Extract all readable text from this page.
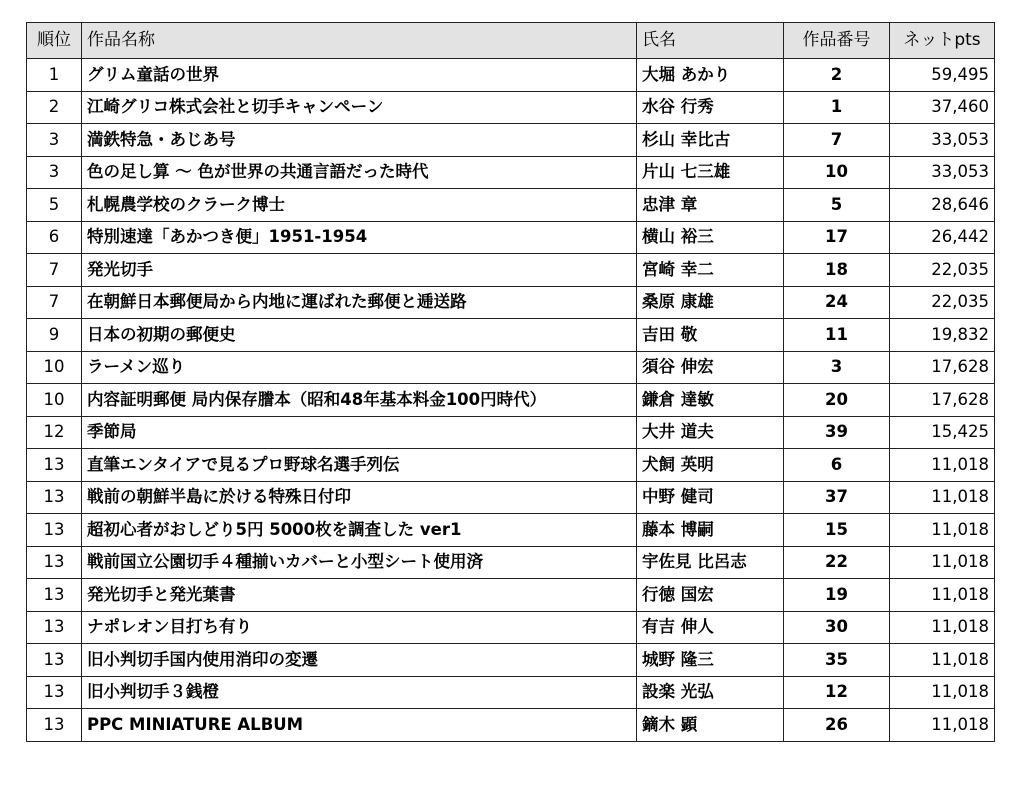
順位	作品名称	氏名	作品番号	ネットpts
1	グリム童話の世界	大堀 あかり	2	59,495
2	江崎グリコ株式会社と切手キャンペーン	水谷 行秀	1	37,460
3	満鉄特急・あじあ号	杉山 幸比古	7	33,053
3	色の足し算 〜 色が世界の共通言語だった時代	片山 七三雄	10	33,053
5	札幌農学校のクラーク博士	忠津 章	5	28,646
6	特別速達「あかつき便」1951-1954	横山 裕三	17	26,442
7	発光切手	宮崎 幸二	18	22,035
7	在朝鮮日本郵便局から内地に運ばれた郵便と逓送路	桑原 康雄	24	22,035
9	日本の初期の郵便史	吉田 敬	11	19,832
10	ラーメン巡り	須谷 伸宏	3	17,628
10	内容証明郵便 局内保存謄本（昭和48年基本料金100円時代）	鎌倉 達敏	20	17,628
12	季節局	大井 道夫	39	15,425
13	直筆エンタイアで見るプロ野球名選手列伝	犬飼 英明	6	11,018
13	戦前の朝鮮半島に於ける特殊日付印	中野 健司	37	11,018
13	超初心者がおしどり5円 5000枚を調査した ver1	藤本 博嗣	15	11,018
13	戦前国立公園切手４種揃いカバーと小型シート使用済	宇佐見 比呂志	22	11,018
13	発光切手と発光葉書	行徳 国宏	19	11,018
13	ナポレオン目打ち有り	有吉 伸人	30	11,018
13	旧小判切手国内使用消印の変遷	城野 隆三	35	11,018
13	旧小判切手３銭橙	設楽 光弘	12	11,018
13	PPC MINIATURE ALBUM	鏑木 顕	26	11,018
